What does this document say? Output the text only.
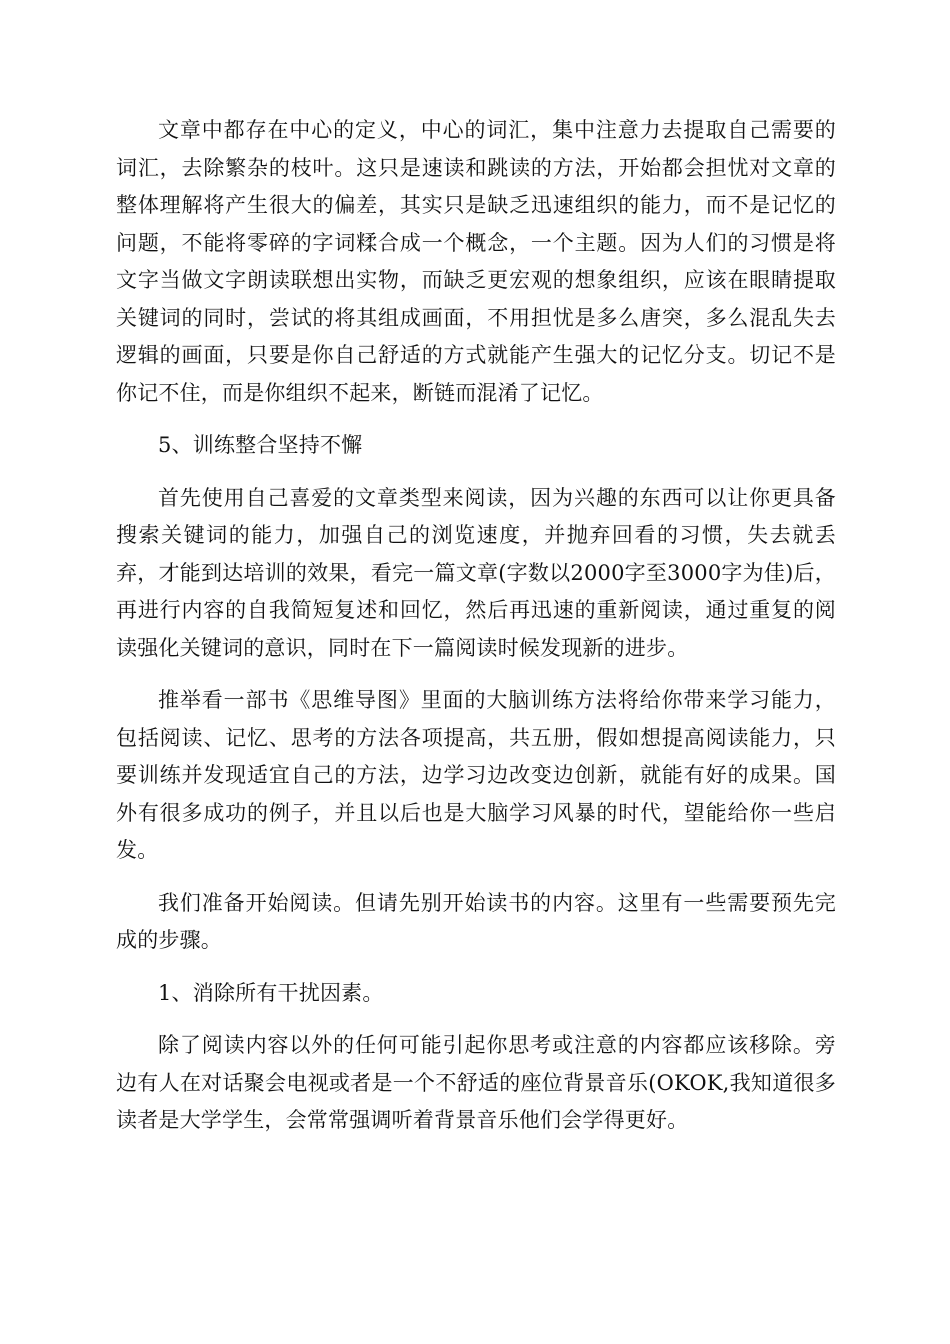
文章中都存在中心的定义，中心的词汇，集中注意力去提取自己需要的词汇，去除繁杂的枝叶。这只是速读和跳读的方法，开始都会担忧对文章的整体理解将产生很大的偏差，其实只是缺乏迅速组织的能力，而不是记忆的问题，不能将零碎的字词糅合成一个概念，一个主题。因为人们的习惯是将文字当做文字朗读联想出实物，而缺乏更宏观的想象组织，应该在眼睛提取关键词的同时，尝试的将其组成画面，不用担忧是多么唐突，多么混乱失去逻辑的画面，只要是你自己舒适的方式就能产生强大的记忆分支。切记不是你记不住，而是你组织不起来，断链而混淆了记忆。

5、训练整合坚持不懈

首先使用自己喜爱的文章类型来阅读，因为兴趣的东西可以让你更具备搜索关键词的能力，加强自己的浏览速度，并抛弃回看的习惯，失去就丢弃，才能到达培训的效果，看完一篇文章(字数以2000字至3000字为佳)后，再进行内容的自我简短复述和回忆，然后再迅速的重新阅读，通过重复的阅读强化关键词的意识，同时在下一篇阅读时候发现新的进步。

推举看一部书《思维导图》里面的大脑训练方法将给你带来学习能力，包括阅读、记忆、思考的方法各项提高，共五册，假如想提高阅读能力，只要训练并发现适宜自己的方法，边学习边改变边创新，就能有好的成果。国外有很多成功的例子，并且以后也是大脑学习风暴的时代，望能给你一些启发。

我们准备开始阅读。但请先别开始读书的内容。这里有一些需要预先完成的步骤。

1、消除所有干扰因素。

除了阅读内容以外的任何可能引起你思考或注意的内容都应该移除。旁边有人在对话聚会电视或者是一个不舒适的座位背景音乐(OKOK,我知道很多读者是大学学生，会常常强调听着背景音乐他们会学得更好。
